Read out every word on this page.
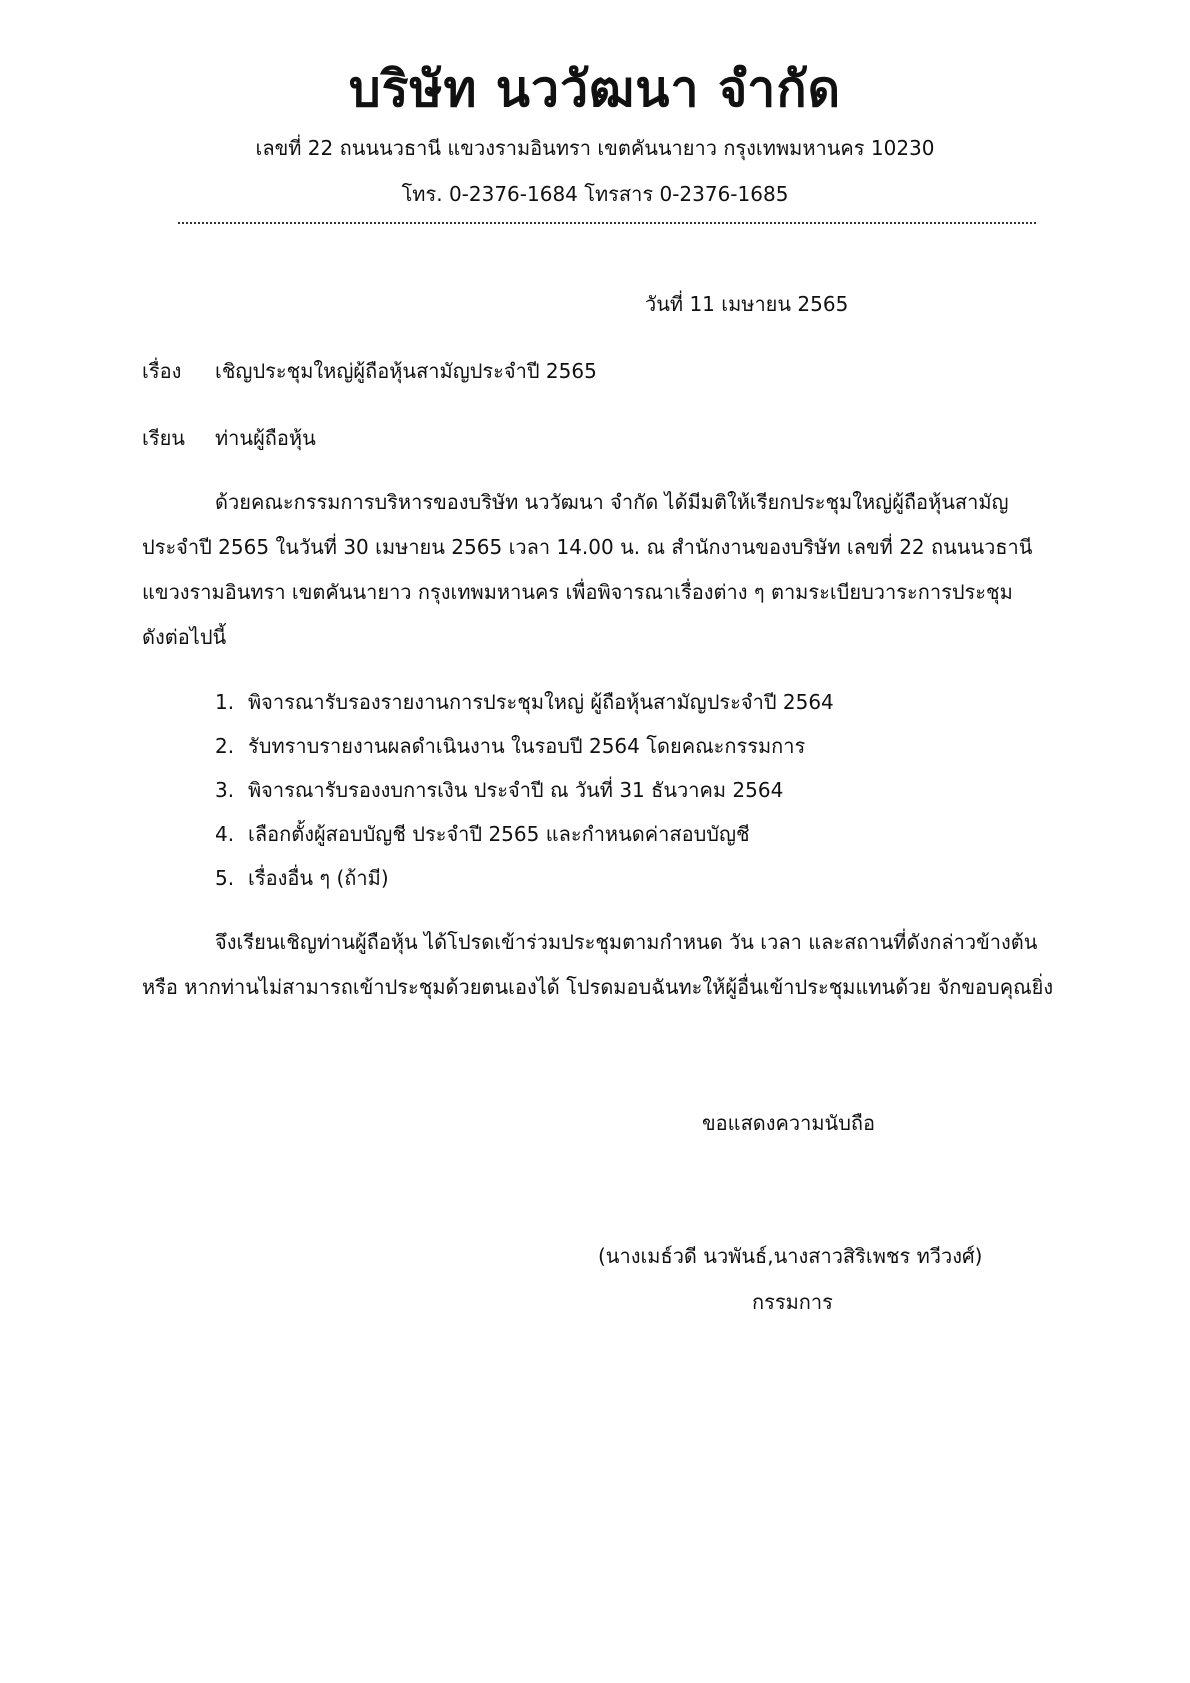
บริษัท นววัฒนา จำกัด
เลขที่ 22 ถนนนวธานี แขวงรามอินทรา เขตคันนายาว กรุงเทพมหานคร 10230
โทร. 0-2376-1684 โทรสาร 0-2376-1685
วันที่ 11 เมษายน 2565
เรื่อง เชิญประชุมใหญ่ผู้ถือหุ้นสามัญประจำปี 2565
เรียน ท่านผู้ถือหุ้น
ด้วยคณะกรรมการบริหารของบริษัท นววัฒนา จำกัด ได้มีมติให้เรียกประชุมใหญ่ผู้ถือหุ้นสามัญ
ประจำปี 2565 ในวันที่ 30 เมษายน 2565 เวลา 14.00 น. ณ สำนักงานของบริษัท เลขที่ 22 ถนนนวธานี
แขวงรามอินทรา เขตคันนายาว กรุงเทพมหานคร เพื่อพิจารณาเรื่องต่าง ๆ ตามระเบียบวาระการประชุม
ดังต่อไปนี้
1. พิจารณารับรองรายงานการประชุมใหญ่ ผู้ถือหุ้นสามัญประจำปี 2564
2. รับทราบรายงานผลดำเนินงาน ในรอบปี 2564 โดยคณะกรรมการ
3. พิจารณารับรองงบการเงิน ประจำปี ณ วันที่ 31 ธันวาคม 2564
4. เลือกตั้งผู้สอบบัญชี ประจำปี 2565 และกำหนดค่าสอบบัญชี
5. เรื่องอื่น ๆ (ถ้ามี)
จึงเรียนเชิญท่านผู้ถือหุ้น ได้โปรดเข้าร่วมประชุมตามกำหนด วัน เวลา และสถานที่ดังกล่าวข้างต้น
หรือ หากท่านไม่สามารถเข้าประชุมด้วยตนเองได้ โปรดมอบฉันทะให้ผู้อื่นเข้าประชุมแทนด้วย จักขอบคุณยิ่ง
ขอแสดงความนับถือ
(นางเมธ์วดี นวพันธ์,นางสาวสิริเพชร ทวีวงศ์)
กรรมการ
